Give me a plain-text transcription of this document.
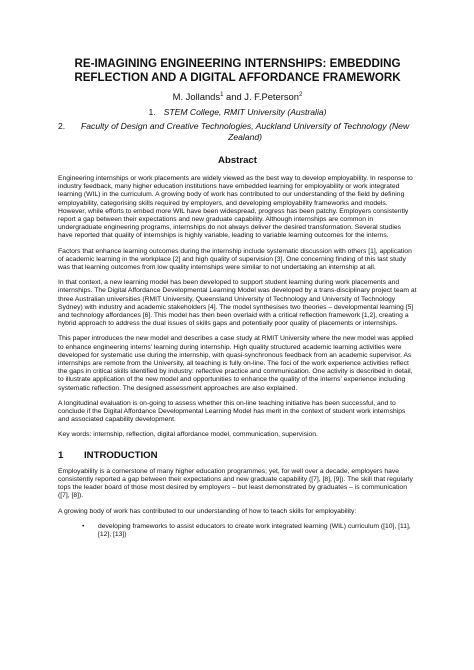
RE-IMAGINING ENGINEERING INTERNSHIPS: EMBEDDING
REFLECTION AND A DIGITAL AFFORDANCE FRAMEWORK
M. Jollands$^1$ and J. F.Peterson$^2$
1. STEM College, RMIT University (Australia)
2.	Faculty of Design and Creative Technologies, Auckland University of Technology (New Zealand)
Abstract

Engineering internships or work placements are widely viewed as the best way to develop employability. In response to industry feedback, many higher education institutions have embedded learning for employability or work integrated learning (WIL) in the curriculum. A growing body of work has contributed to our understanding of the field by defining employability, categorising skills required by employers, and developing employability frameworks and models. However, while efforts to embed more WIL have been widespread, progress has been patchy. Employers consistently report a gap between their expectations and new graduate capability. Although internships are common in undergraduate engineering programs, internships do not always deliver the desired transformation. Several studies have reported that quality of internships is highly variable, leading to variable learning outcomes for the interns.

Factors that enhance learning outcomes during the internship include systematic discussion with others [1], application of academic learning in the workplace [2] and high quality of supervision [3]. One concerning finding of this last study was that learning outcomes from low quality internships were similar to not undertaking an internship at all.

In that context, a new learning model has been developed to support student learning during work placements and internships. The Digital Affordance Developmental Learning Model was developed by a trans-disciplinary project team at three Australian universities (RMIT University, Queensland University of Technology and University of Technology Sydney) with industry and academic stakeholders [4]. The model synthesises two theories – developmental learning [5] and technology affordances [6]. This model has then been overlaid with a critical reflection framework [1,2], creating a hybrid approach to address the dual issues of skills gaps and potentially poor quality of placements or internships.

This paper introduces the new model and describes a case study at RMIT University where the new model was applied to enhance engineering interns' learning during internship. High quality structured academic learning activities were developed for systematic use during the internship, with quasi-synchronous feedback from an academic supervisor. As internships are remote from the University, all teaching is fully on-line. The foci of the work experience activities reflect the gaps in critical skills identified by industry: reflective practice and communication. One activity is described in detail, to illustrate application of the new model and opportunities to enhance the quality of the interns' experience including systematic reflection. The designed assessment approaches are also explained.

A longitudinal evaluation is on-going to assess whether this on-line teaching initiative has been successful, and to conclude if the Digital Affordance Developmental Learning Model has merit in the context of student work internships and associated capability development.

Key words: internship, reflection, digital affordance model, communication, supervision.

1	INTRODUCTION

Employability is a cornerstone of many higher education programmes; yet, for well over a decade, employers have consistently reported a gap between their expectations and new graduate capability ([7], [8], [9]). The skill that regularly tops the leader board of those most desired by employers – but least demonstrated by graduates – is communication ([7], [8]).

A growing body of work has contributed to our understanding of how to teach skills for employability:

• developing frameworks to assist educators to create work integrated learning (WIL) curriculum ([10], [11], [12], [13])
